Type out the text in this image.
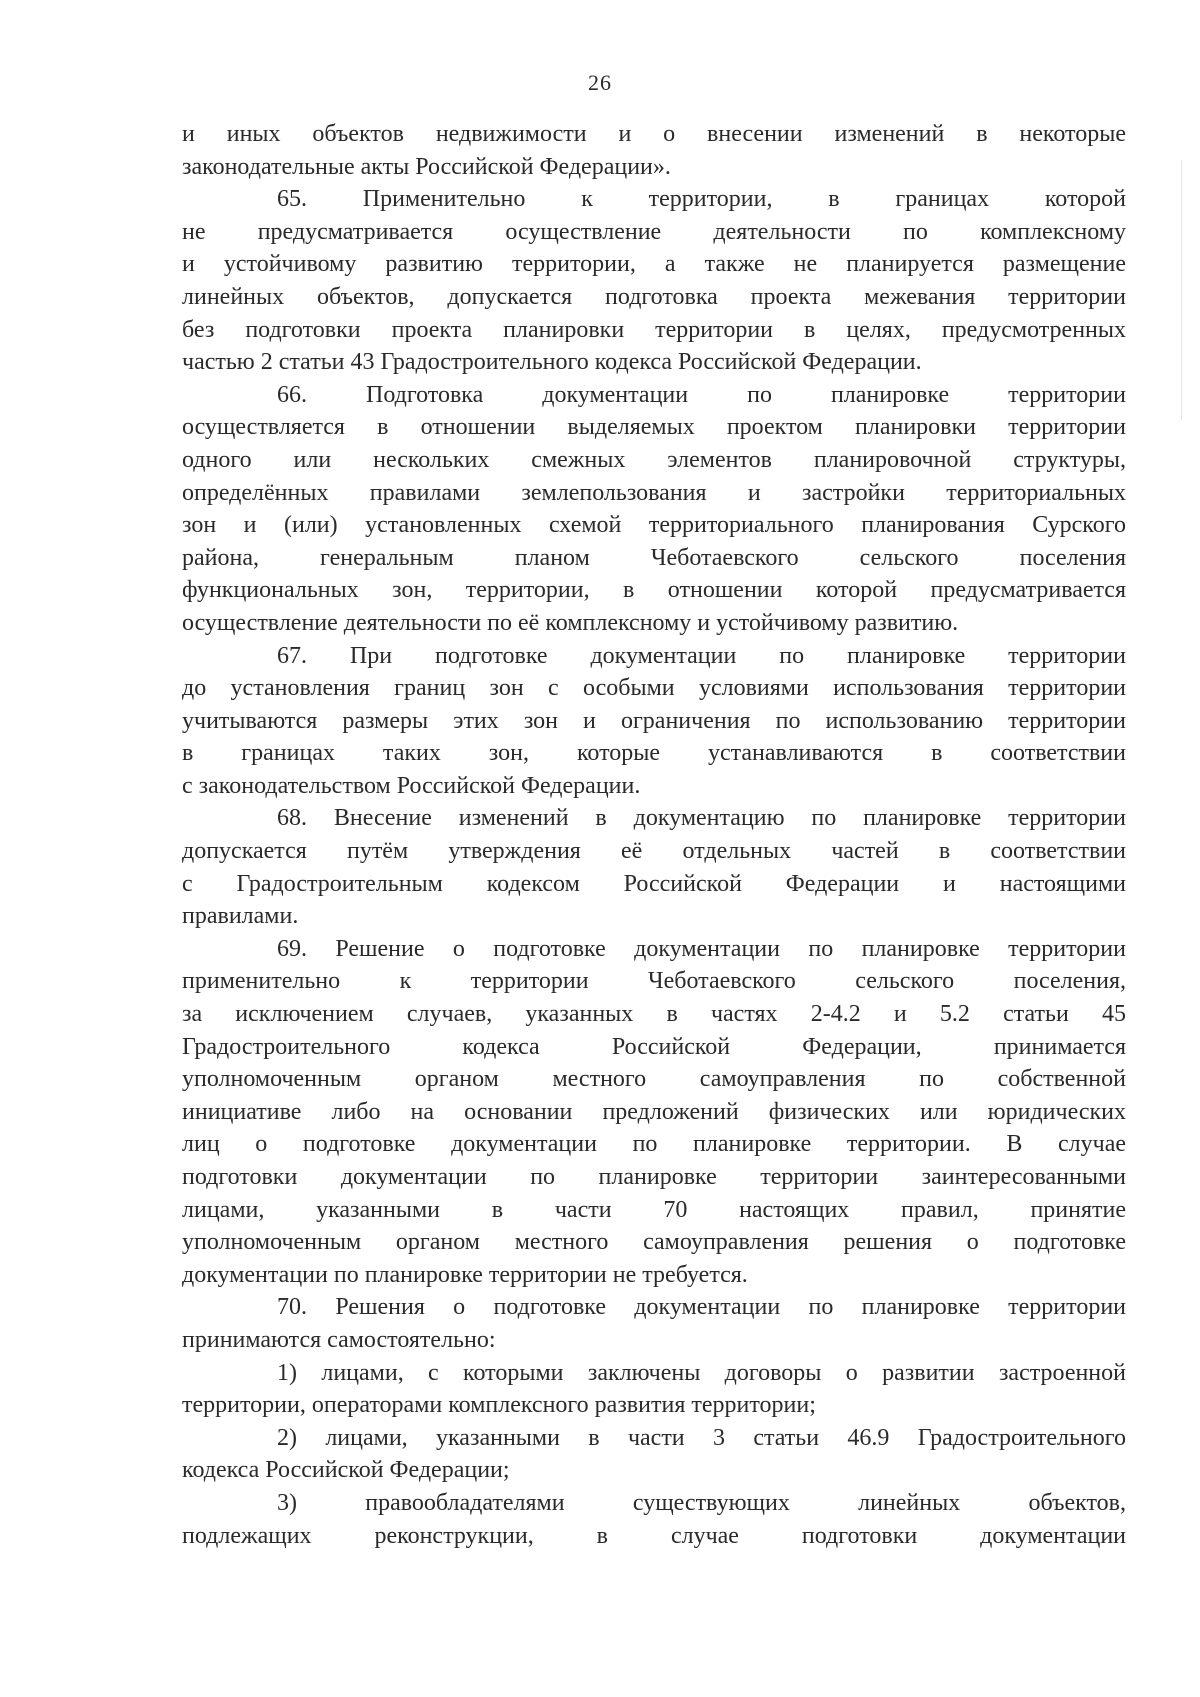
26
и иных объектов недвижимости и о внесении изменений в некоторые
законодательные акты Российской Федерации».
65. Применительно к территории, в границах которой
не предусматривается осуществление деятельности по комплексному
и устойчивому развитию территории, а также не планируется размещение
линейных объектов, допускается подготовка проекта межевания территории
без подготовки проекта планировки территории в целях, предусмотренных
частью 2 статьи 43 Градостроительного кодекса Российской Федерации.
66. Подготовка документации по планировке территории
осуществляется в отношении выделяемых проектом планировки территории
одного или нескольких смежных элементов планировочной структуры,
определённых правилами землепользования и застройки территориальных
зон и (или) установленных схемой территориального планирования Сурского
района, генеральным планом Чеботаевского сельского поселения
функциональных зон, территории, в отношении которой предусматривается
осуществление деятельности по её комплексному и устойчивому развитию.
67. При подготовке документации по планировке территории
до установления границ зон с особыми условиями использования территории
учитываются размеры этих зон и ограничения по использованию территории
в границах таких зон, которые устанавливаются в соответствии
с законодательством Российской Федерации.
68. Внесение изменений в документацию по планировке территории
допускается путём утверждения её отдельных частей в соответствии
с Градостроительным кодексом Российской Федерации и настоящими
правилами.
69. Решение о подготовке документации по планировке территории
применительно к территории Чеботаевского сельского поселения,
за исключением случаев, указанных в частях 2-4.2 и 5.2 статьи 45
Градостроительного кодекса Российской Федерации, принимается
уполномоченным органом местного самоуправления по собственной
инициативе либо на основании предложений физических или юридических
лиц о подготовке документации по планировке территории. В случае
подготовки документации по планировке территории заинтересованными
лицами, указанными в части 70 настоящих правил, принятие
уполномоченным органом местного самоуправления решения о подготовке
документации по планировке территории не требуется.
70. Решения о подготовке документации по планировке территории
принимаются самостоятельно:
1) лицами, с которыми заключены договоры о развитии застроенной
территории, операторами комплексного развития территории;
2) лицами, указанными в части 3 статьи 46.9 Градостроительного
кодекса Российской Федерации;
3) правообладателями существующих линейных объектов,
подлежащих реконструкции, в случае подготовки документации
